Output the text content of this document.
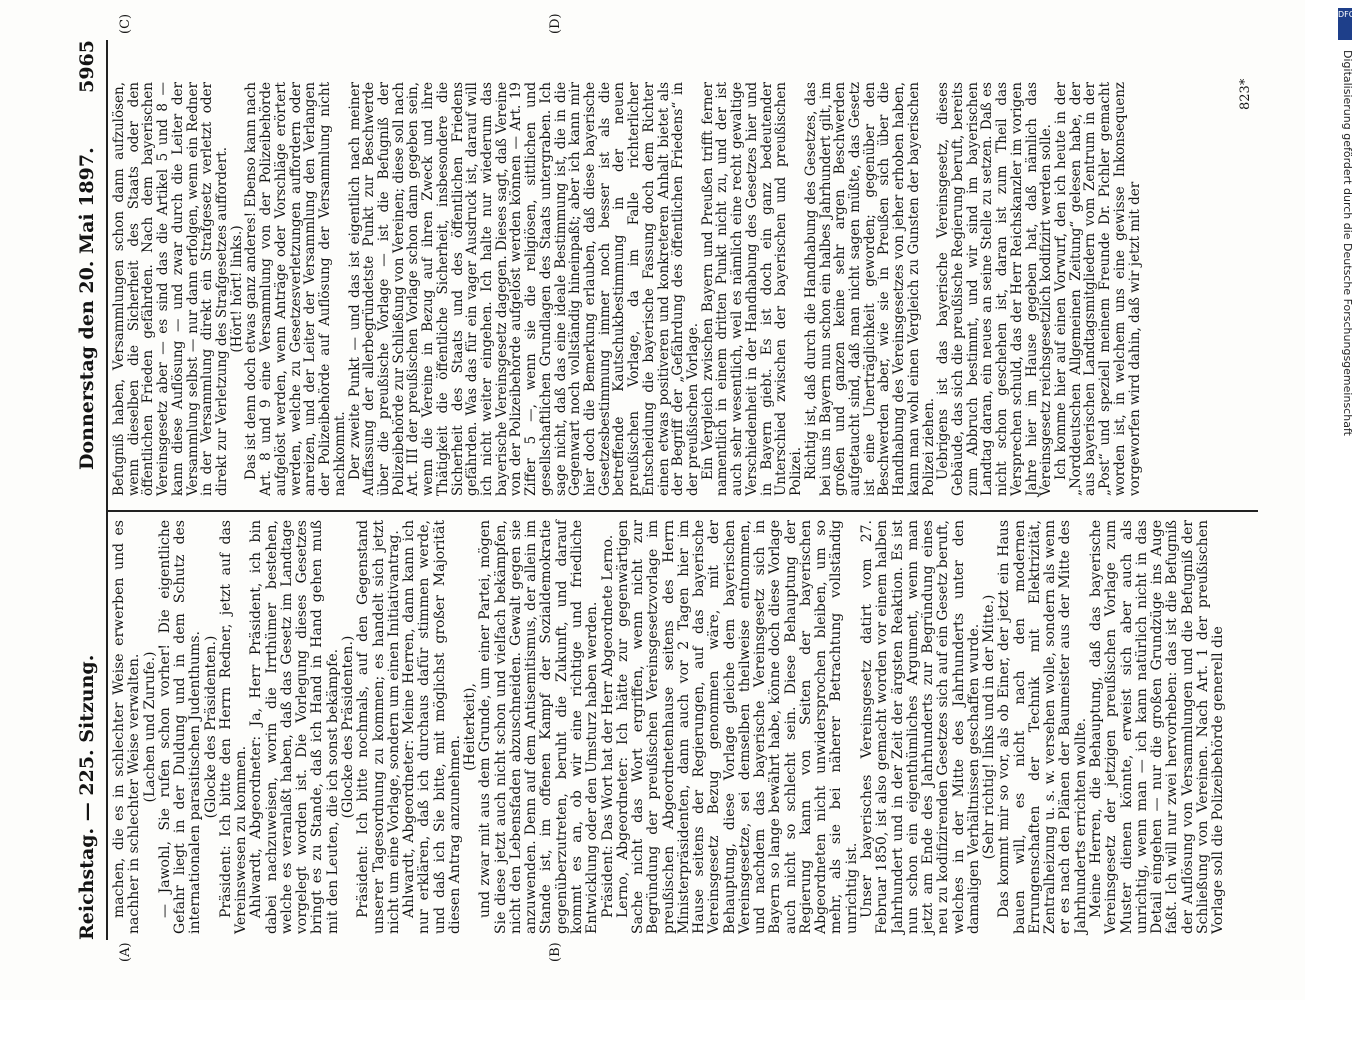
Reichstag. — 225. Sitzung.
Donnerstag den 20. Mai 1897.
5965
(A)	(B)
(C)	(D)

machen, die es in schlechter Weise erwerben und es nachher in schlechter Weise verwalten. (Lachen und Zurufe.) — Jawohl, Sie rufen schon vorher! Die eigentliche Gefahr liegt in der Duldung und in dem Schutz des internationalen parasitischen Judenthums. (Glocke des Präsidenten.) Präsident: Ich bitte den Herrn Redner, jetzt auf das Vereinswesen zu kommen. Ahlwardt, Abgeordneter: Ja, Herr Präsident, ich bin dabei nachzuweisen, worin die Irrthümer bestehen, welche es veranlaßt haben, daß das Gesetz im Landtage vorgelegt worden ist. Die Vorlegung dieses Gesetzes bringt es zu Stande, daß ich Hand in Hand gehen muß mit den Leuten, die ich sonst bekämpfe. (Glocke des Präsidenten.) Präsident: Ich bitte nochmals, auf den Gegenstand unserer Tagesordnung zu kommen; es handelt sich jetzt nicht um eine Vorlage, sondern um einen Initiativantrag. Ahlwardt, Abgeordneter: Meine Herren, dann kann ich nur erklären, daß ich durchaus dafür stimmen werde, und daß ich Sie bitte, mit möglichst großer Majorität diesen Antrag anzunehmen.

(Heiterkeit), und zwar mit aus dem Grunde, um einer Partei, mögen Sie diese jetzt auch nicht schon und vielfach bekämpfen, nicht den Lebensfaden abzuschneiden. Gewalt gegen sie anzuwenden. Denn auf dem Antisemitismus, der allein im Stande ist, im offenen Kampf der Sozialdemokratie gegenüberzutreten, beruht die Zukunft, und darauf kommt es an, ob wir eine richtige und friedliche Entwicklung oder den Umsturz haben werden. Präsident: Das Wort hat der Herr Abgeordnete Lerno. Lerno, Abgeordneter: Ich hätte zur gegenwärtigen Sache nicht das Wort ergriffen, wenn nicht zur Begründung der preußischen Vereinsgesetzvorlage im preußischen Abgeordnetenhause seitens des Herrn Ministerpräsidenten, dann auch vor 2 Tagen hier im Hause seitens der Regierungen, auf das bayerische Vereinsgesetz Bezug genommen wäre, mit der Behauptung, diese Vorlage gleiche dem bayerischen Vereinsgesetze, sei demselben theilweise entnommen, und nachdem das bayerische Vereinsgesetz sich in Bayern so lange bewährt habe, könne doch diese Vorlage auch nicht so schlecht sein. Diese Behauptung der Regierung kann von Seiten der bayerischen Abgeordneten nicht unwidersprochen bleiben, um so mehr, als sie bei näherer Betrachtung vollständig unrichtig ist. Unser bayerisches Vereinsgesetz datirt vom 27. Februar 1850, ist also gemacht worden vor einem halben Jahrhundert und in der Zeit der ärgsten Reaktion. Es ist nun schon ein eigenthümliches Argument, wenn man jetzt am Ende des Jahrhunderts zur Begründung eines neu zu kodifizirenden Gesetzes sich auf ein Gesetz beruft, welches in der Mitte des Jahrhunderts unter den damaligen Verhältnissen geschaffen wurde. (Sehr richtig! links und in der Mitte.) Das kommt mir so vor, als ob Einer, der jetzt ein Haus bauen will, es nicht nach den modernen Errungenschaften der Technik mit Elektrizität, Zentralheizung u. s. w. versehen wolle, sondern als wenn er es nach den Plänen der Baumeister aus der Mitte des Jahrhunderts errichten wollte. Meine Herren, die Behauptung, daß das bayerische Vereinsgesetz der jetzigen preußischen Vorlage zum Muster dienen könnte, erweist sich aber auch als unrichtig, wenn man — ich kann natürlich nicht in das Detail eingehen — nur die großen Grundzüge ins Auge faßt. Ich will nur zwei hervorheben: das ist die Befugniß der Auflösung von Versammlungen und die Befugniß der Schließung von Vereinen. Nach Art. 1 der preußischen Vorlage soll die Polizeibehörde generell die

Befugniß haben, Versammlungen schon dann aufzulösen, wenn dieselben die Sicherheit des Staats oder den öffentlichen Frieden gefährden. Nach dem bayerischen Vereinsgesetz aber — es sind das die Artikel 5 und 8 — kann diese Auflösung — und zwar durch die Leiter der Versammlung selbst — nur dann erfolgen, wenn ein Redner in der Versammlung direkt ein Strafgesetz verletzt oder direkt zur Verletzung des Strafgesetzes auffordert.

(Hört! hört! links.)

Das ist denn doch etwas ganz anderes! Ebenso kann nach Art. 8 und 9 eine Versammlung von der Polizeibehörde aufgelöst werden, wenn Anträge oder Vorschläge erörtert werden, welche zu Gesetzesverletzungen auffordern oder anreizen, und der Leiter der Versammlung den Verlangen der Polizeibehörde auf Auflösung der Versammlung nicht nachkommt.

Der zweite Punkt — und das ist eigentlich nach meiner Auffassung der allerbegründetste Punkt zur Beschwerde über die preußische Vorlage — ist die Befugniß der Polizeibehörde zur Schließung von Vereinen; diese soll nach Art. III der preußischen Vorlage schon dann gegeben sein, wenn die Vereine in Bezug auf ihren Zweck und ihre Thätigkeit die öffentliche Sicherheit, insbesondere die Sicherheit des Staats und des öffentlichen Friedens gefährden. Was das für ein vager Ausdruck ist, darauf will ich nicht weiter eingehen. Ich halte nur wiederum das bayerische Vereinsgesetz dagegen. Dieses sagt, daß Vereine von der Polizeibehörde aufgelöst werden können — Art. 19 Ziffer 5 —, wenn sie die religiösen, sittlichen und gesellschaftlichen Grundlagen des Staats untergraben. Ich sage nicht, daß das eine ideale Bestimmung ist, die in die Gegenwart noch vollständig hineinpaßt; aber ich kann mir hier doch die Bemerkung erlauben, daß diese bayerische Gesetzesbestimmung immer noch besser ist als die betreffende Kautschukbestimmung in der neuen preußischen Vorlage, da im Falle richterlicher Entscheidung die bayerische Fassung doch dem Richter einen etwas positiveren und konkreteren Anhalt bietet als der Begriff der „Gefährdung des öffentlichen Friedens“ in der preußischen Vorlage.

Ein Vergleich zwischen Bayern und Preußen trifft ferner namentlich in einem dritten Punkt nicht zu, und der ist auch sehr wesentlich, weil es nämlich eine recht gewaltige Verschiedenheit in der Handhabung des Gesetzes hier und in Bayern giebt. Es ist doch ein ganz bedeutender Unterschied zwischen der bayerischen und preußischen Polizei.

Richtig ist, daß durch die Handhabung des Gesetzes, das bei uns in Bayern nun schon ein halbes Jahrhundert gilt, im großen und ganzen keine sehr argen Beschwerden aufgetaucht sind, daß man nicht sagen müßte, das Gesetz ist eine Unerträglichkeit geworden; gegenüber den Beschwerden aber, wie sie in Preußen sich über die Handhabung des Vereinsgesetzes von jeher erhoben haben, kann man wohl einen Vergleich zu Gunsten der bayerischen Polizei ziehen.

Uebrigens ist das bayerische Vereinsgesetz, dieses Gebäude, das sich die preußische Regierung beruft, bereits zum Abbruch bestimmt, und wir sind im bayerischen Landtag daran, ein neues an seine Stelle zu setzen. Daß es nicht schon geschehen ist, daran ist zum Theil das Versprechen schuld, das der Herr Reichskanzler im vorigen Jahre hier im Hause gegeben hat, daß nämlich das Vereinsgesetz reichsgesetzlich kodifizirt werden solle.

Ich komme hier auf einen Vorwurf, den ich heute in der „Norddeutschen Allgemeinen Zeitung“ gelesen habe, der aus bayerischen Landtagsmitgliedern vom Zentrum in der „Post“ und speziell meinem Freunde Dr. Pichler gemacht worden ist, in welchem uns eine gewisse Inkonsequenz vorgeworfen wird dahin, daß wir jetzt mit der

823*
DFG
Digitalisierung gefördert durch die Deutsche Forschungsgemeinschaft
